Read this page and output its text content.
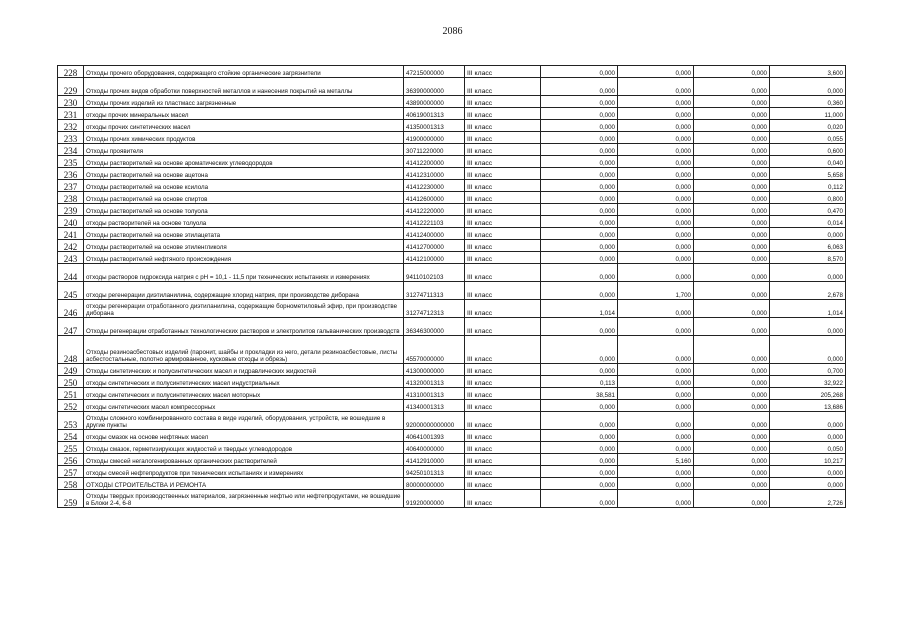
2086
228	Отходы прочего оборудования, содержащего стойкие органические загрязнители	47215000000	III класс	0,000	0,000	0,000	3,600
229	Отходы прочих видов обработки поверхностей металлов и нанесения покрытий на металлы	36390000000	III класс	0,000	0,000	0,000	0,000
230	Отходы прочих изделий из пластмасс загрязненные	43890000000	III класс	0,000	0,000	0,000	0,360
231	отходы прочих минеральных масел	40619001313	III класс	0,000	0,000	0,000	11,000
232	отходы прочих синтетических масел	41350001313	III класс	0,000	0,000	0,000	0,020
233	Отходы прочих химических продуктов	41900000000	III класс	0,000	0,000	0,000	0,055
234	Отходы проявителя	30711220000	III класс	0,000	0,000	0,000	0,600
235	Отходы растворителей на основе ароматических углеводородов	41412200000	III класс	0,000	0,000	0,000	0,040
236	Отходы растворителей на основе ацетона	41412310000	III класс	0,000	0,000	0,000	5,658
237	Отходы растворителей на основе ксилола	41412230000	III класс	0,000	0,000	0,000	0,112
238	Отходы растворителей на основе спиртов	41412600000	III класс	0,000	0,000	0,000	0,800
239	Отходы растворителей на основе толуола	41412220000	III класс	0,000	0,000	0,000	0,470
240	отходы растворителей на основе толуола	41412221103	III класс	0,000	0,000	0,000	0,014
241	Отходы растворителей на основе этилацетата	41412400000	III класс	0,000	0,000	0,000	0,000
242	Отходы растворителей на основе этиленгликоля	41412700000	III класс	0,000	0,000	0,000	6,063
243	Отходы растворителей нефтяного происхождения	41412100000	III класс	0,000	0,000	0,000	8,570
244	отходы растворов гидроксида натрия с pH = 10,1 - 11,5 при технических испытаниях и измерениях	94110102103	III класс	0,000	0,000	0,000	0,000
245	отходы регенерации диэтиланилина, содержащие хлорид натрия, при производстве диборана	31274711313	III класс	0,000	1,700	0,000	2,678
246	отходы регенерации отработанного диэтиланилина, содержащие борнометиловый эфир, при производстве диборана	31274712313	III класс	1,014	0,000	0,000	1,014
247	Отходы регенерации отработанных технологических растворов и электролитов гальванических производств	36346300000	III класс	0,000	0,000	0,000	0,000
248	Отходы резиноасбестовых изделий (паронит, шайбы и прокладки из него, детали резиноасбестовые, листы асбестостальные, полотно армированное, кусковые отходы и обрезь)	45570000000	III класс	0,000	0,000	0,000	0,000
249	Отходы синтетических и полусинтетических масел и гидравлических жидкостей	41300000000	III класс	0,000	0,000	0,000	0,700
250	отходы синтетических и полусинтетических масел индустриальных	41320001313	III класс	0,113	0,000	0,000	32,922
251	отходы синтетических и полусинтетических масел моторных	41310001313	III класс	38,581	0,000	0,000	205,268
252	отходы синтетических масел компрессорных	41340001313	III класс	0,000	0,000	0,000	13,686
253	Отходы сложного комбинированного состава в виде изделий, оборудования, устройств, не вошедшие в другие пункты	92000000000000	III класс	0,000	0,000	0,000	0,000
254	отходы смазок на основе нефтяных масел	40641001393	III класс	0,000	0,000	0,000	0,000
255	Отходы смазок, герметизирующих жидкостей и твердых углеводородов	40640000000	III класс	0,000	0,000	0,000	0,050
256	Отходы смесей негалогенированных органических растворителей	41412910000	III класс	0,000	5,160	0,000	10,217
257	отходы смесей нефтепродуктов при технических испытаниях и измерениях	94250101313	III класс	0,000	0,000	0,000	0,000
258	ОТХОДЫ СТРОИТЕЛЬСТВА И РЕМОНТА	80000000000	III класс	0,000	0,000	0,000	0,000
259	Отходы твердых производственных материалов, загрязненные нефтью или нефтепродуктами, не вошедшие в Блоки 2-4, 6-8	91920000000	III класс	0,000	0,000	0,000	2,726
